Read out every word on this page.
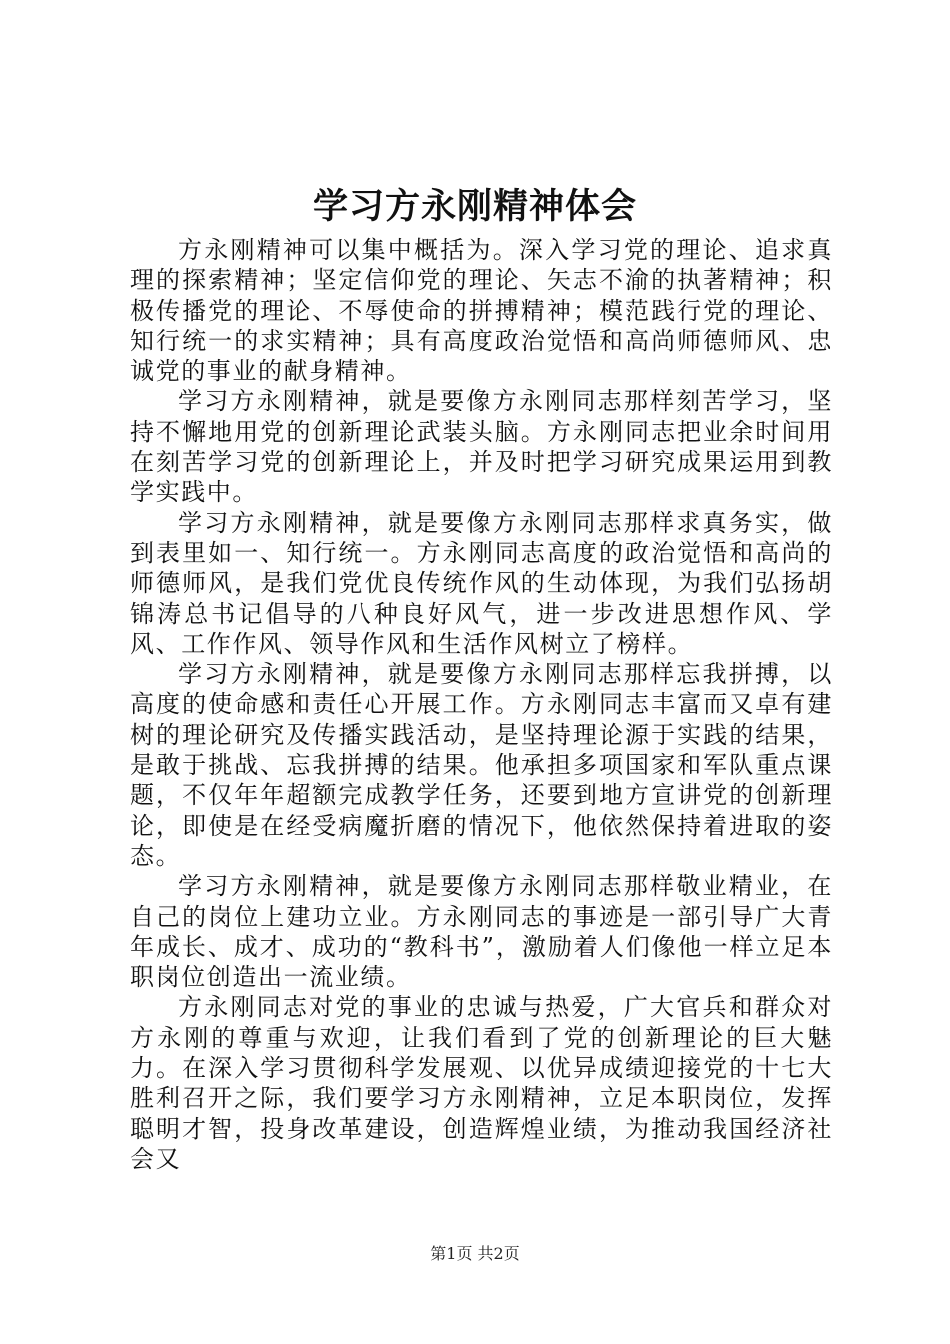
学习方永刚精神体会

方永刚精神可以集中概括为。深入学习党的理论、追求真理的探索精神；坚定信仰党的理论、矢志不渝的执著精神；积极传播党的理论、不辱使命的拼搏精神；模范践行党的理论、知行统一的求实精神；具有高度政治觉悟和高尚师德师风、忠诚党的事业的献身精神。

学习方永刚精神，就是要像方永刚同志那样刻苦学习，坚持不懈地用党的创新理论武装头脑。方永刚同志把业余时间用在刻苦学习党的创新理论上，并及时把学习研究成果运用到教学实践中。

学习方永刚精神，就是要像方永刚同志那样求真务实，做到表里如一、知行统一。方永刚同志高度的政治觉悟和高尚的师德师风，是我们党优良传统作风的生动体现，为我们弘扬胡锦涛总书记倡导的八种良好风气，进一步改进思想作风、学风、工作作风、领导作风和生活作风树立了榜样。

学习方永刚精神，就是要像方永刚同志那样忘我拼搏，以高度的使命感和责任心开展工作。方永刚同志丰富而又卓有建树的理论研究及传播实践活动，是坚持理论源于实践的结果，是敢于挑战、忘我拼搏的结果。他承担多项国家和军队重点课题，不仅年年超额完成教学任务，还要到地方宣讲党的创新理论，即使是在经受病魔折磨的情况下，他依然保持着进取的姿态。

学习方永刚精神，就是要像方永刚同志那样敬业精业，在自己的岗位上建功立业。方永刚同志的事迹是一部引导广大青年成长、成才、成功的“教科书”，激励着人们像他一样立足本职岗位创造出一流业绩。

方永刚同志对党的事业的忠诚与热爱，广大官兵和群众对方永刚的尊重与欢迎，让我们看到了党的创新理论的巨大魅力。在深入学习贯彻科学发展观、以优异成绩迎接党的十七大胜利召开之际，我们要学习方永刚精神，立足本职岗位，发挥聪明才智，投身改革建设，创造辉煌业绩，为推动我国经济社会又

第1页 共2页
